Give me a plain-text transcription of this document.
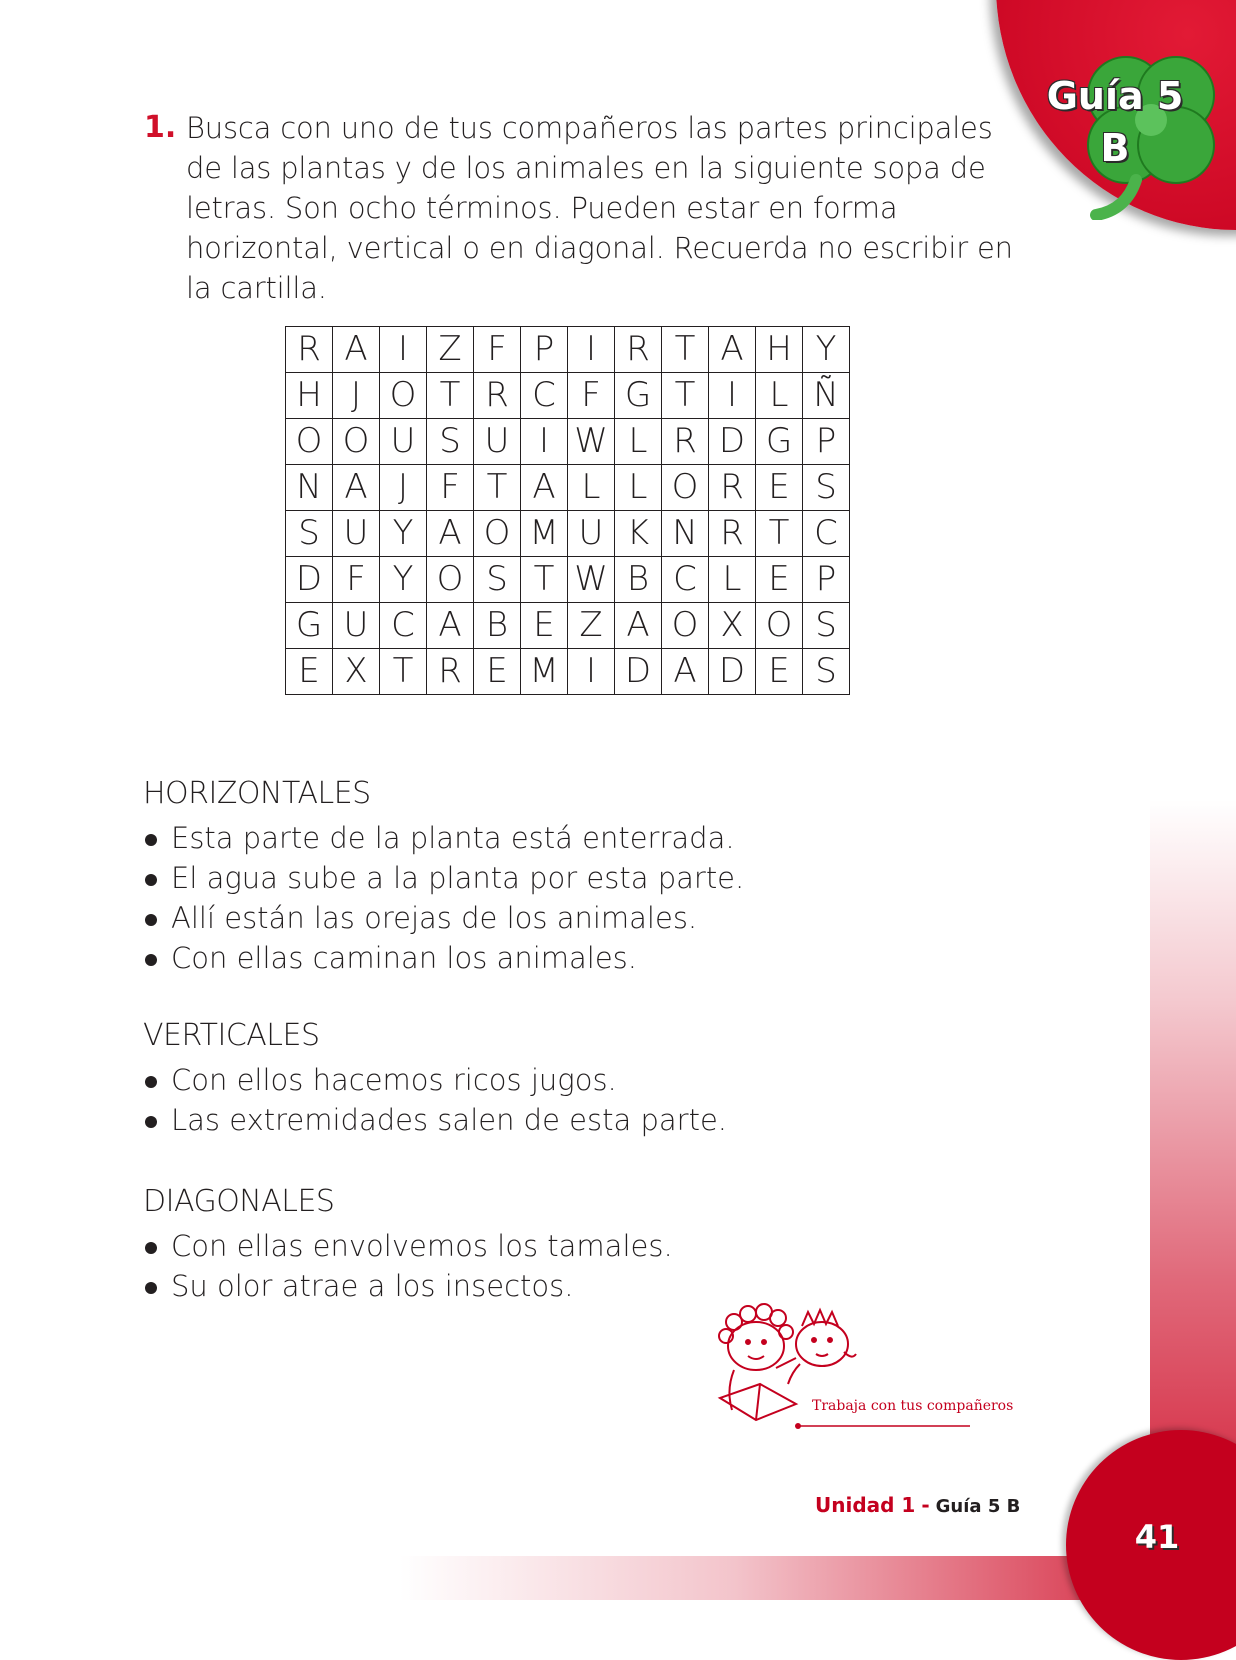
Guía 5
B
41
Unidad 1 - Guía 5 B
1. Busca con uno de tus compañeros las partes principales de las plantas y de los animales en la siguiente sopa de letras. Son ocho términos. Pueden estar en forma horizontal, vertical o en diagonal. Recuerda no escribir en la cartilla.
R	A	I	Z	F	P	I	R	T	A	H	Y
H	J	O	T	R	C	F	G	T	I	L	Ñ
O	O	U	S	U	I	W	L	R	D	G	P
N	A	J	F	T	A	L	L	O	R	E	S
S	U	Y	A	O	M	U	K	N	R	T	C
D	F	Y	O	S	T	W	B	C	L	E	P
G	U	C	A	B	E	Z	A	O	X	O	S
E	X	T	R	E	M	I	D	A	D	E	S
HORIZONTALES
Esta parte de la planta está enterrada.
El agua sube a la planta por esta parte.
Allí están las orejas de los animales.
Con ellas caminan los animales.
VERTICALES
Con ellos hacemos ricos jugos.
Las extremidades salen de esta parte.
DIAGONALES
Con ellas envolvemos los tamales.
Su olor atrae a los insectos.
Trabaja con tus compañeros
